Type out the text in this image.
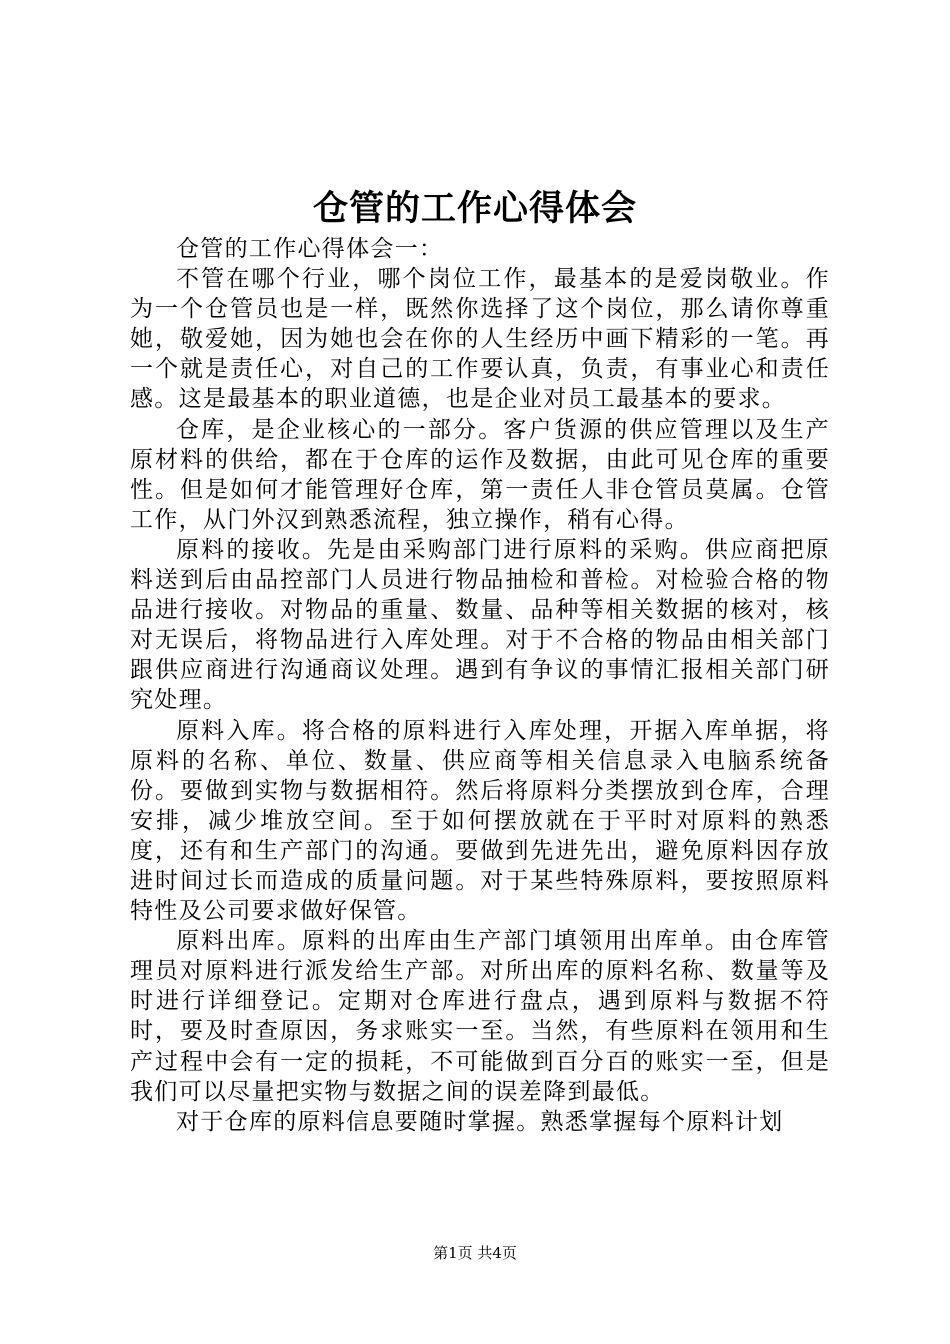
仓管的工作心得体会

仓管的工作心得体会一：

不管在哪个行业，哪个岗位工作，最基本的是爱岗敬业。作为一个仓管员也是一样，既然你选择了这个岗位，那么请你尊重她，敬爱她，因为她也会在你的人生经历中画下精彩的一笔。再一个就是责任心，对自己的工作要认真，负责，有事业心和责任感。这是最基本的职业道德，也是企业对员工最基本的要求。

仓库，是企业核心的一部分。客户货源的供应管理以及生产原材料的供给，都在于仓库的运作及数据，由此可见仓库的重要性。但是如何才能管理好仓库，第一责任人非仓管员莫属。仓管工作，从门外汉到熟悉流程，独立操作，稍有心得。

原料的接收。先是由采购部门进行原料的采购。供应商把原料送到后由品控部门人员进行物品抽检和普检。对检验合格的物品进行接收。对物品的重量、数量、品种等相关数据的核对，核对无误后，将物品进行入库处理。对于不合格的物品由相关部门跟供应商进行沟通商议处理。遇到有争议的事情汇报相关部门研究处理。

原料入库。将合格的原料进行入库处理，开据入库单据，将原料的名称、单位、数量、供应商等相关信息录入电脑系统备份。要做到实物与数据相符。然后将原料分类摆放到仓库，合理安排，减少堆放空间。至于如何摆放就在于平时对原料的熟悉度，还有和生产部门的沟通。要做到先进先出，避免原料因存放进时间过长而造成的质量问题。对于某些特殊原料，要按照原料特性及公司要求做好保管。

原料出库。原料的出库由生产部门填领用出库单。由仓库管理员对原料进行派发给生产部。对所出库的原料名称、数量等及时进行详细登记。定期对仓库进行盘点，遇到原料与数据不符时，要及时查原因，务求账实一至。当然，有些原料在领用和生产过程中会有一定的损耗，不可能做到百分百的账实一至，但是我们可以尽量把实物与数据之间的误差降到最低。

对于仓库的原料信息要随时掌握。熟悉掌握每个原料计划

第1页 共4页
